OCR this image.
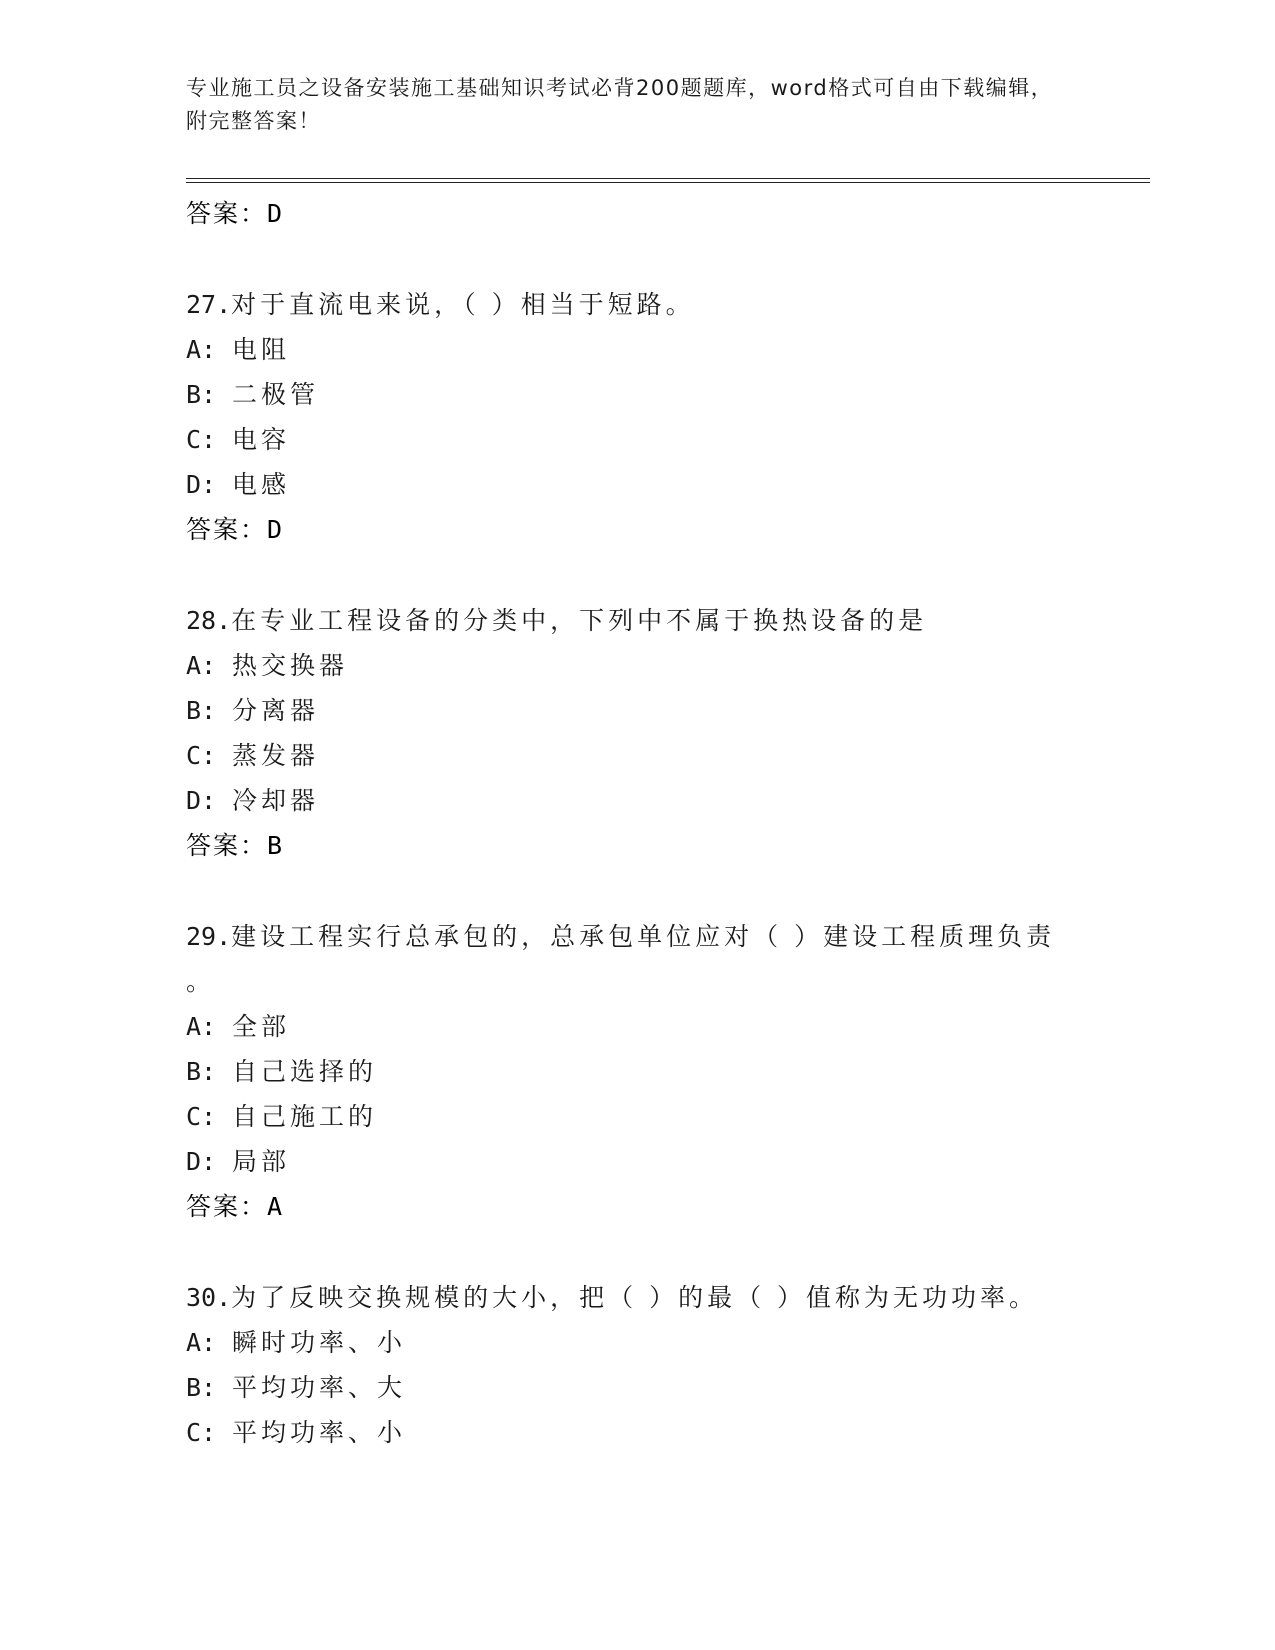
专业施工员之设备安装施工基础知识考试必背200题题库，word格式可自由下载编辑，附完整答案！
答案：D
27.对于直流电来说，（ ）相当于短路。
A: 电阻
B: 二极管
C: 电容
D: 电感
答案：D
28.在专业工程设备的分类中，下列中不属于换热设备的是
A: 热交换器
B: 分离器
C: 蒸发器
D: 冷却器
答案：B
29.建设工程实行总承包的，总承包单位应对（ ）建设工程质理负责
。
A: 全部
B: 自己选择的
C: 自己施工的
D: 局部
答案：A
30.为了反映交换规模的大小，把（ ）的最（ ）值称为无功功率。
A: 瞬时功率、小
B: 平均功率、大
C: 平均功率、小
